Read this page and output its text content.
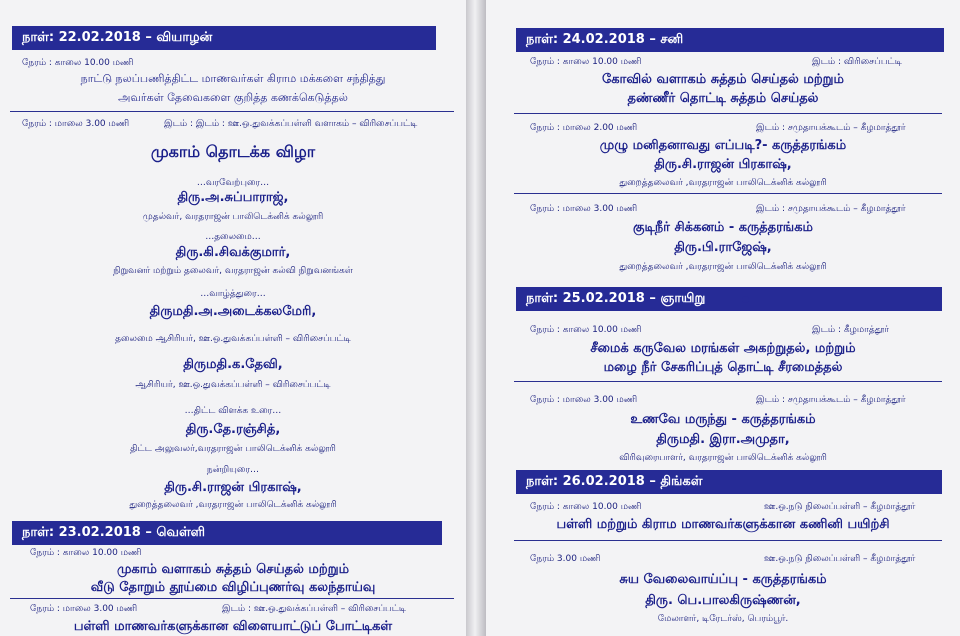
நாள்: 22.02.2018 – வியாழன்
நேரம் : காலை 10.00 மணி
நாட்டு நலப்பணித்திட்ட மாணவர்கள் கிராம மக்களை சந்தித்து
அவர்கள் தேவைகளை குறித்த கணக்கெடுத்தல்
நேரம் : மாலை 3.00 மணி	இடம் : இடம் : ஊ.ஒ.துவக்கப்பள்ளி வளாகம் – விரிசைப்பட்டி
முகாம் தொடக்க விழா
…வரவேற்புரை…
திரு.அ.சுப்பாராஜ்,
முதல்வர், வரதராஜன் பாலிடெக்னிக் கல்லூரி
…தலைமை…
திரு.கி.சிவக்குமார்,
நிறுவனர் மற்றும் தலைவர், வரதராஜன் கல்வி நிறுவனங்கள்
…வாழ்த்துரை…
திருமதி.அ.அடைக்கலமேரி,
தலைமை ஆசிரியர், ஊ.ஒ.துவக்கப்பள்ளி – விரிசைப்பட்டி
திருமதி.க.தேவி,
ஆசிரியர், ஊ.ஒ.துவக்கப்பள்ளி – விரிசைப்பட்டி
…திட்ட விளக்க உரை…
திரு.தே.ரஞ்சித்,
திட்ட அலுவலர்,வரதராஜன் பாலிடெக்னிக் கல்லூரி
நன்றியுரை…
திரு.சி.ராஜன் பிரகாஷ்,
துறைத்தலைவர் ,வரதராஜன் பாலிடெக்னிக் கல்லூரி
நாள்: 23.02.2018 – வெள்ளி
நேரம் : காலை 10.00 மணி
முகாம் வளாகம் சுத்தம் செய்தல் மற்றும்
வீடு தோறும் தூய்மை விழிப்புணர்வு கலந்தாய்வு
நேரம் : மாலை 3.00 மணி	இடம் : ஊ.ஒ.துவக்கப்பள்ளி – விரிசைப்பட்டி
பள்ளி மாணவர்களுக்கான விளையாட்டுப் போட்டிகள்
நாள்: 24.02.2018 – சனி
நேரம் : காலை 10.00 மணி	இடம் : விரிசைப்பட்டி
கோவில் வளாகம் சுத்தம் செய்தல் மற்றும்
தண்ணீர் தொட்டி சுத்தம் செய்தல்
நேரம் : மாலை 2.00 மணி	இடம் : சமுதாயக்கூடம் – கீழமாத்தூர்
முழு மனிதனாவது எப்படி?- கருத்தரங்கம்
திரு.சி.ராஜன் பிரகாஷ்,
துறைத்தலைவர் ,வரதராஜன் பாலிடெக்னிக் கல்லூரி
நேரம் : மாலை 3.00 மணி	இடம் : சமுதாயக்கூடம் – கீழமாத்தூர்
குடிநீர் சிக்கனம் - கருத்தரங்கம்
திரு.பி.ராஜேஷ்,
துறைத்தலைவர் ,வரதராஜன் பாலிடெக்னிக் கல்லூரி
நாள்: 25.02.2018 – ஞாயிறு
நேரம் : காலை 10.00 மணி	இடம் : கீழமாத்தூர்
சீமைக் கருவேல மரங்கள் அகற்றுதல், மற்றும்
மழை நீர் சேகரிப்புத் தொட்டி சீரமைத்தல்
நேரம் : மாலை 3.00 மணி	இடம் : சமுதாயக்கூடம் – கீழமாத்தூர்
உணவே மருந்து - கருத்தரங்கம்
திருமதி. இரா.அமுதா,
விரிவுரையாளர், வரதராஜன் பாலிடெக்னிக் கல்லூரி
நாள்: 26.02.2018 – திங்கள்
நேரம் : காலை 10.00 மணி	ஊ.ஒ.நடு நிலைப்பள்ளி – கீழமாத்தூர்
பள்ளி மற்றும் கிராம மாணவர்களுக்கான கணினி பயிற்சி
நேரம் 3.00 மணி	ஊ.ஒ.நடு நிலைப்பள்ளி – கீழமாத்தூர்
சுய வேலைவாய்ப்பு - கருத்தரங்கம்
திரு. பெ.பாலகிருஷ்ணன்,
மேலாளர், டிரேடர்ஸ், பெரம்பூர்.
